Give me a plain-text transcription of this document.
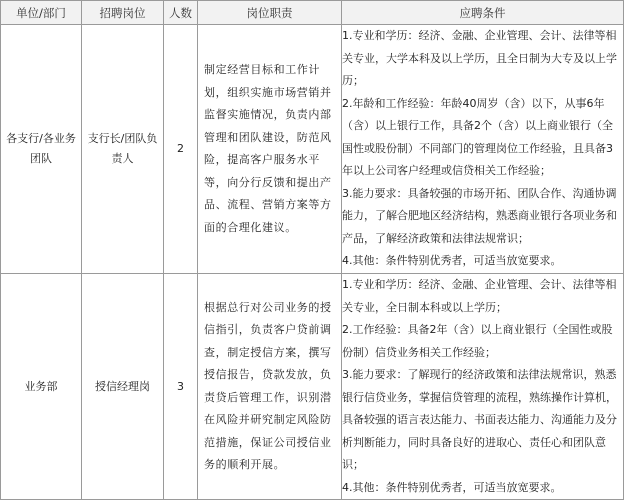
单位/部门	招聘岗位	人数	岗位职责	应聘条件
各支行/各业务团队	支行长/团队负责人	2	制定经营目标和工作计划，组织实施市场营销并监督实施情况，负责内部管理和团队建设，防范风险，提高客户服务水平等，向分行反馈和提出产品、流程、营销方案等方面的合理化建议。	1.专业和学历：经济、金融、企业管理、会计、法律等相关专业，大学本科及以上学历，且全日制为大专及以上学历；
2.年龄和工作经验：年龄40周岁（含）以下，从事6年（含）以上银行工作，具备2个（含）以上商业银行（全国性或股份制）不同部门的管理岗位工作经验，且具备3年以上公司客户经理或信贷相关工作经验；
3.能力要求：具备较强的市场开拓、团队合作、沟通协调能力，了解合肥地区经济结构，熟悉商业银行各项业务和产品，了解经济政策和法律法规常识；
4.其他：条件特别优秀者，可适当放宽要求。

业务部	授信经理岗	3	根据总行对公司业务的授信指引，负责客户贷前调查，制定授信方案，撰写授信报告，贷款发放，负责贷后管理工作，识别潜在风险并研究制定风险防范措施，保证公司授信业务的顺利开展。	1.专业和学历：经济、金融、企业管理、会计、法律等相关专业，全日制本科或以上学历；
2.工作经验：具备2年（含）以上商业银行（全国性或股份制）信贷业务相关工作经验；
3.能力要求：了解现行的经济政策和法律法规常识，熟悉银行信贷业务，掌握信贷管理的流程，熟练操作计算机，具备较强的语言表达能力、书面表达能力、沟通能力及分析判断能力，同时具备良好的进取心、责任心和团队意识；
4.其他：条件特别优秀者，可适当放宽要求。
